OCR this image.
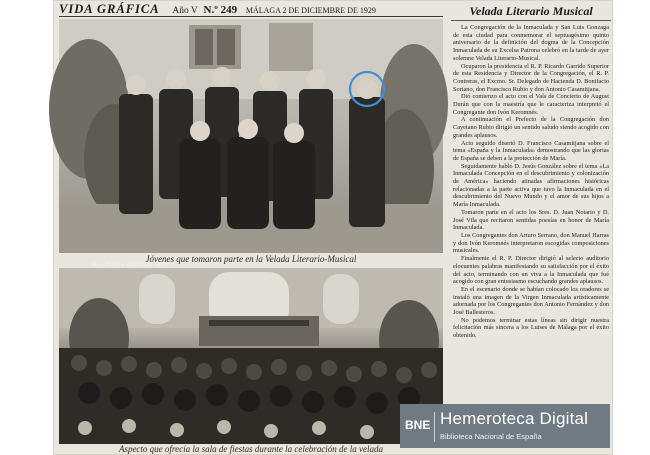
VIDA GRÁFICA Año V N.º 249 MÁLAGA 2 DE DICIEMBRE DE 1929
Vida Gráfica 2/12/1929 - BNE
Jóvenes que tomaron parte en la Velada Literario-Musical
Aspecto que ofrecía la sala de fiestas durante la celebración de la velada
Velada Literario Musical

La Congregación de la Inmaculada y San Luis Gonzaga de esta ciudad para conmemorar el septuagésimo quinto aniversario de la definición del dogma de la Concepción Inmaculada de su Excelsa Patrona celebró en la tarde de ayer solemne Velada Literario-Musical.

Ocuparon la presidencia el R. P. Ricardo Garrido Superior de esta Residencia y Director de la Congregación, el R. P. Contreras, el Excmo. Sr. Delegado de Hacienda D. Bonifacio Soriano, don Francisco Rubio y don Antonio Casamitjana.

Dió comienzo el acto con el Vals de Concierto de August Durán que con la maestría que le caracteriza interpretó el Congregante don Ivón Keromnés.

A continuación el Prefecto de la Congregación don Cayetano Rubio dirigió un sentido saludo siendo acogido con grandes aplausos.

Acto seguido disertó D. Francisco Casamitjana sobre el tema «España y la Inmaculada» demostrando que las glorias de España se deben a la protección de María.

Seguidamente habló D. Jesús González sobre el tema «La Inmaculada Concepción en el descubrimiento y colonización de América» haciendo atinadas afirmaciones históricas relacionadas a la parte activa que tuvo la Inmaculada en el descubrimiento del Nuevo Mundo y el amor de sus hijos a María Inmaculada.

Tomaron parte en el acto los Sres. D. Juan Notario y D. José Vila que recitaron sentidas poesías en honor de María Inmaculada.

Los Congregantes don Arturo Serrano, don Manuel Harras y don Ivón Keromnés interpretaron escogidas composiciones musicales.

Finalmente el R. P. Director dirigió al selecto auditorio elocuentes palabras manifestando su satisfacción por el éxito del acto, terminando con un viva a la Inmaculada que fué acogido con gran entusiasmo escuchando grandes aplausos.

En el escenario donde se habían colocado los oradores se instaló una imagen de la Virgen Inmaculada artísticamente adornada por los Congregantes don Antonio Fernández y don José Ballesteros.

No podemos terminar estas líneas sin dirigir nuestra felicitación más sincera a los Luises de Málaga por el éxito obtenido.

BNE Hemeroteca Digital
Biblioteca Nacional de España
